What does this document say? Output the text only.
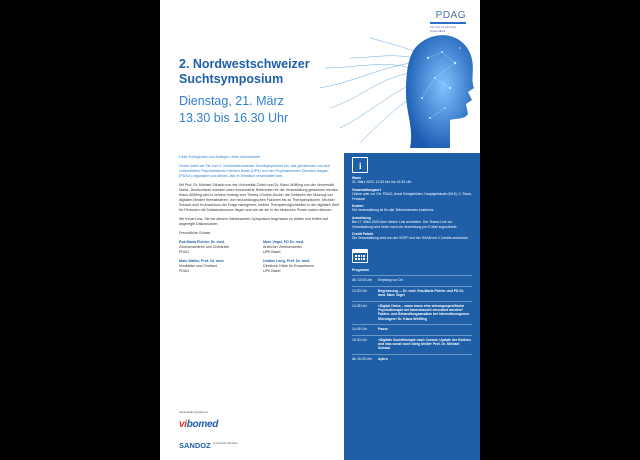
PDAG
Für Ihre psychische Gesundheit
2. Nordwestschweizer
Suchtsymposium
Dienstag, 21. März
13.30 bis 16.30 Uhr

Liebe Kolleginnen und Kollegen, liebe Interessierte

Gerne laden wir Sie zum 2. Nordwestschweizer Suchtsymposium ein, das gemeinsam von den Universitären Psychiatrischen Kliniken Basel (UPK) und den Psychiatrischen Diensten Aargau (PDAG) organisiert und dieses Jahr in Windisch veranstaltet wird.

Mit Prof. Dr. Michael Schaub von der Universität Zürich und Dr. Klaus Wölfling von der Universität Mainz, Deutschland, konnten zwei renommierte Referenten für die Veranstaltung gewonnen werden. Klaus Wölfling wird in seinem Vortrag zum Thema «Online-Sucht» die Gefahren der Nutzung von digitalen Medien thematisieren, von neurobiologischen Faktoren bis zu Therapieoptionen. Michael Schaub wird im Anschluss der Frage nachgehen, welche Therapiemöglichkeiten in der digitalen Welt für Personen mit Substanzkonsum liegen und wie wir sie in der klinischen Praxis nutzen können.

Wir freuen uns, Sie bei diesem interessanten Symposium begrüssen zu dürfen und hoffen auf angeregte Diskussionen.

Freundliche Grüsse

Eva-Maria Pichler, Dr. med.
Zentrumsleiterin und Chefärztin
PDAG
Marc Vogel, PD Dr. med.
Ärztlicher Zentrumsleiter
UPK Basel
Marc Walter, Prof. Dr. med.
Klinikleiter und Chefarzt
PDAG
Undine Lang, Prof. Dr. med.
Direktorin Klinik für Erwachsene
UPK Basel
Veranstaltungspartner
vibomed
SANDOZ A Novartis Division
i
Wann
21. März 2023, 13.30 Uhr bis 16.30 Uhr
Veranstaltungsort
Online oder vor Ort: PDAG, Areal Königsfelden, Hauptgebäude (W15), 2. Stock, Festsaal
Kosten
Die Veranstaltung ist für alle Teilnehmenden kostenlos.
Anmeldung
Bis 17. März 2023 über diesen Link anmelden. Der Teams-Link zur Veranstaltung wird Ihnen nach der Anmeldung per E-Mail zugeschickt.
Credit Points
Die Veranstaltung wird von der SGPP und der SSAM mit 2 Credits anerkannt.
Programm
Ab 13.00 Uhr	Empfang vor Ort
13.30 Uhr	Begrüssung — Dr. med. Eva-Maria Pichler und PD Dr. med. Marc Vogel
13.35 Uhr	«Digital Detox – wann muss eine störungsspezifische Psychotherapie bei Internetsucht verordnet werden? Fakten- und Behandlungsansätze bei Internetbezogenen Störungen» Dr. Klaus Wölfling
14.45 Uhr	Pause
15.00 Uhr	«Digitale Suchttherapie nach Corona: Update der Evidenz und was sonst noch übrig bleibt» Prof. Dr. Michael Schaub
Ab 16.30 Uhr	Apéro
